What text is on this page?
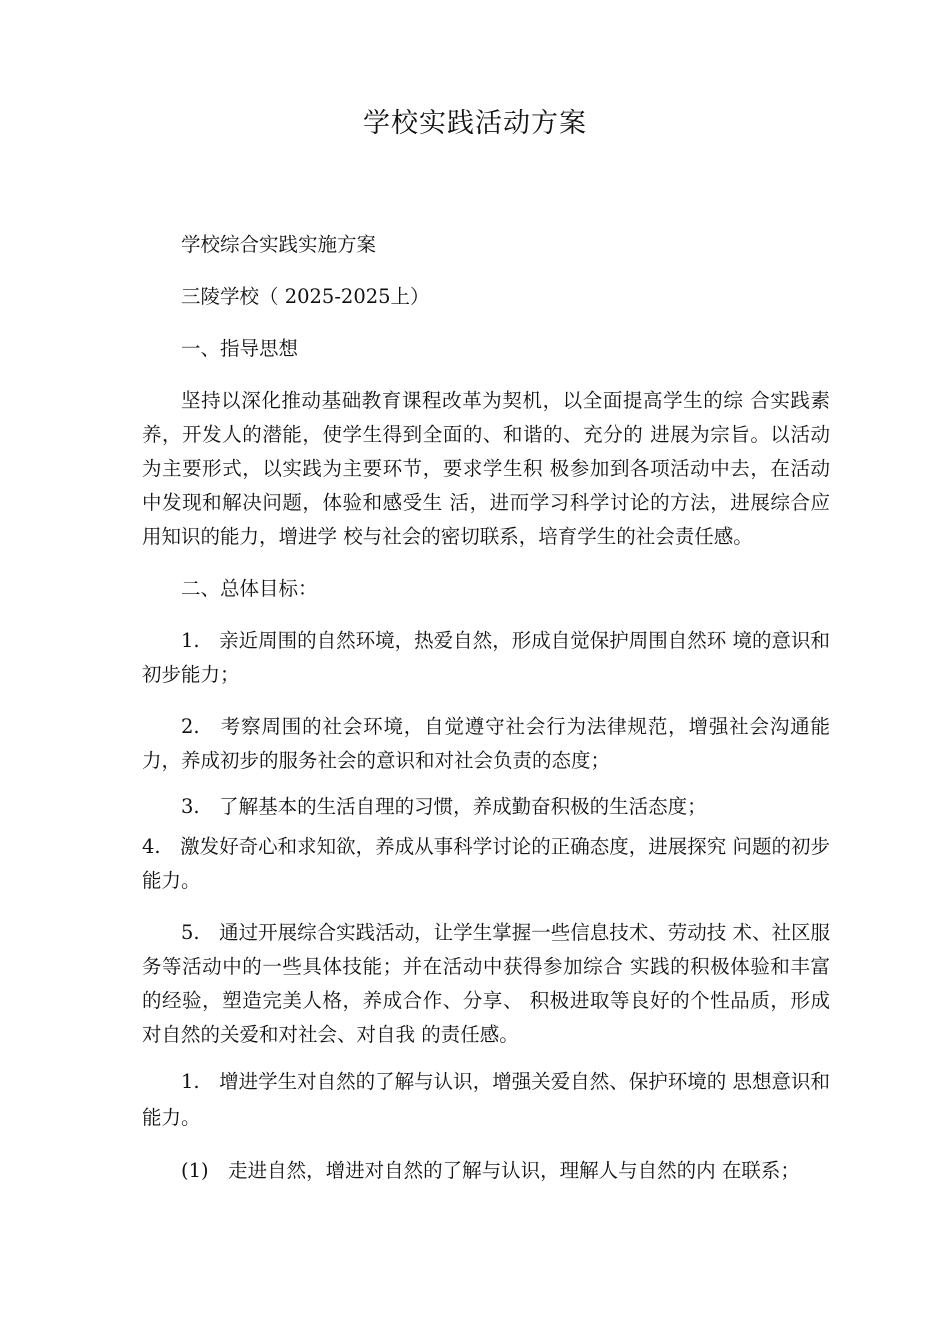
学校实践活动方案

学校综合实践实施方案

三陵学校（ 2025-2025上）

一、指导思想

坚持以深化推动基础教育课程改革为契机，以全面提高学生的综 合实践素养，开发人的潜能，使学生得到全面的、和谐的、充分的 进展为宗旨。以活动为主要形式，以实践为主要环节，要求学生积 极参加到各项活动中去，在活动中发现和解决问题，体验和感受生 活，进而学习科学讨论的方法，进展综合应用知识的能力，增进学 校与社会的密切联系，培育学生的社会责任感。

二、总体目标：

1.　亲近周围的自然环境，热爱自然，形成自觉保护周围自然环 境的意识和初步能力；

2.　考察周围的社会环境，自觉遵守社会行为法律规范，增强社会沟通能力，养成初步的服务社会的意识和对社会负责的态度；

3.　了解基本的生活自理的习惯，养成勤奋积极的生活态度；

4.　激发好奇心和求知欲，养成从事科学讨论的正确态度，进展探究 问题的初步能力。

5.　通过开展综合实践活动，让学生掌握一些信息技术、劳动技 术、社区服务等活动中的一些具体技能；并在活动中获得参加综合 实践的积极体验和丰富的经验，塑造完美人格，养成合作、分享、 积极进取等良好的个性品质，形成对自然的关爱和对社会、对自我 的责任感。

1.　增进学生对自然的了解与认识，增强关爱自然、保护环境的 思想意识和能力。

(1)　走进自然，增进对自然的了解与认识，理解人与自然的内 在联系；
